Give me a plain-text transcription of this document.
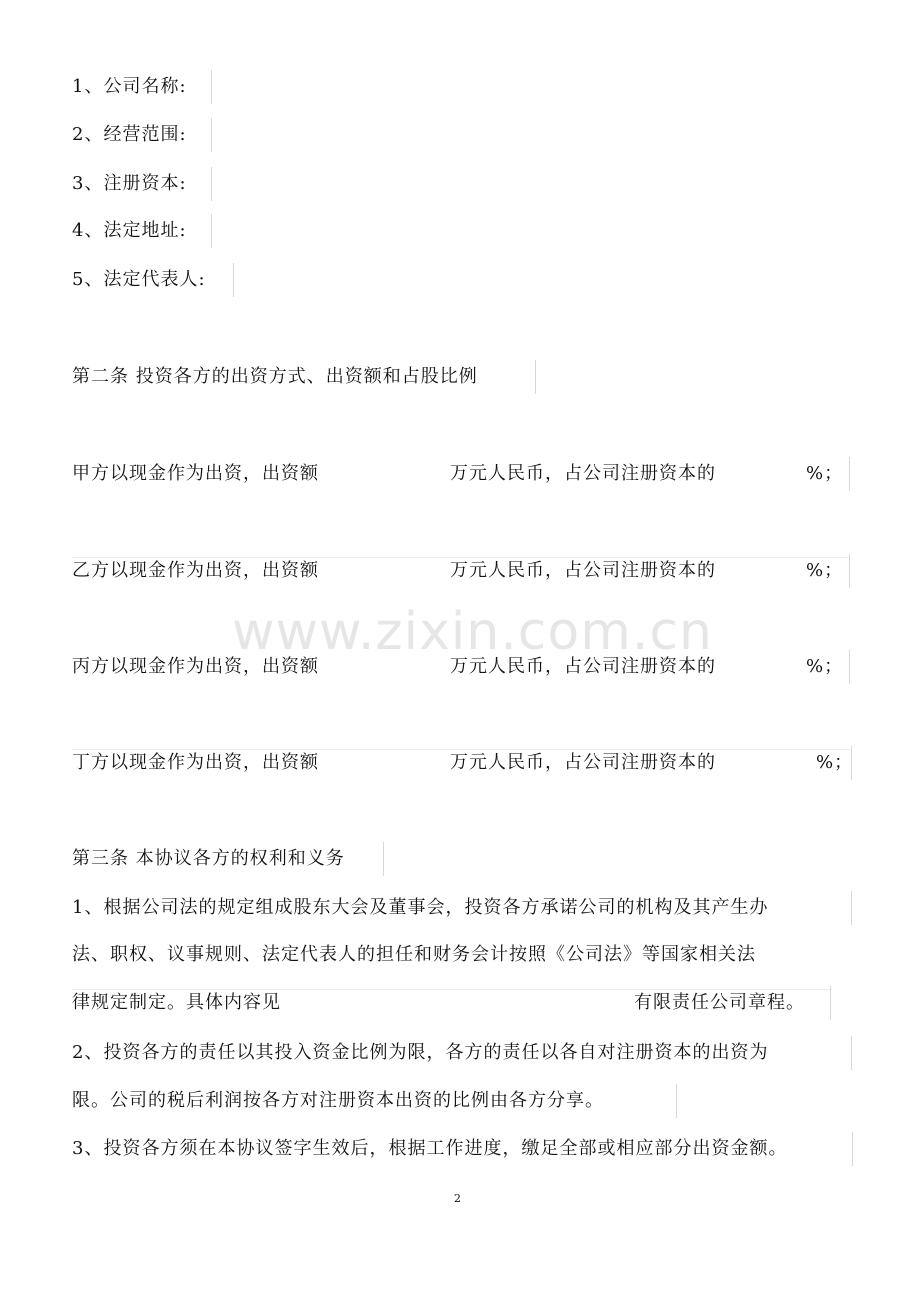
1、公司名称:
2、经营范围:
3、注册资本:
4、法定地址:
5、法定代表人:
第二条 投资各方的出资方式、出资额和占股比例
甲方以现金作为出资，出资额	万元人民币，占公司注册资本的	%；
乙方以现金作为出资，出资额	万元人民币，占公司注册资本的	%；
丙方以现金作为出资，出资额	万元人民币，占公司注册资本的	%；
丁方以现金作为出资，出资额	万元人民币，占公司注册资本的	%；
www.zixin.com.cn
第三条 本协议各方的权利和义务
1、根据公司法的规定组成股东大会及董事会，投资各方承诺公司的机构及其产生办
法、职权、议事规则、法定代表人的担任和财务会计按照《公司法》等国家相关法
律规定制定。具体内容见	有限责任公司章程。
2、投资各方的责任以其投入资金比例为限，各方的责任以各自对注册资本的出资为
限。公司的税后利润按各方对注册资本出资的比例由各方分享。
3、投资各方须在本协议签字生效后，根据工作进度，缴足全部或相应部分出资金额。
2
